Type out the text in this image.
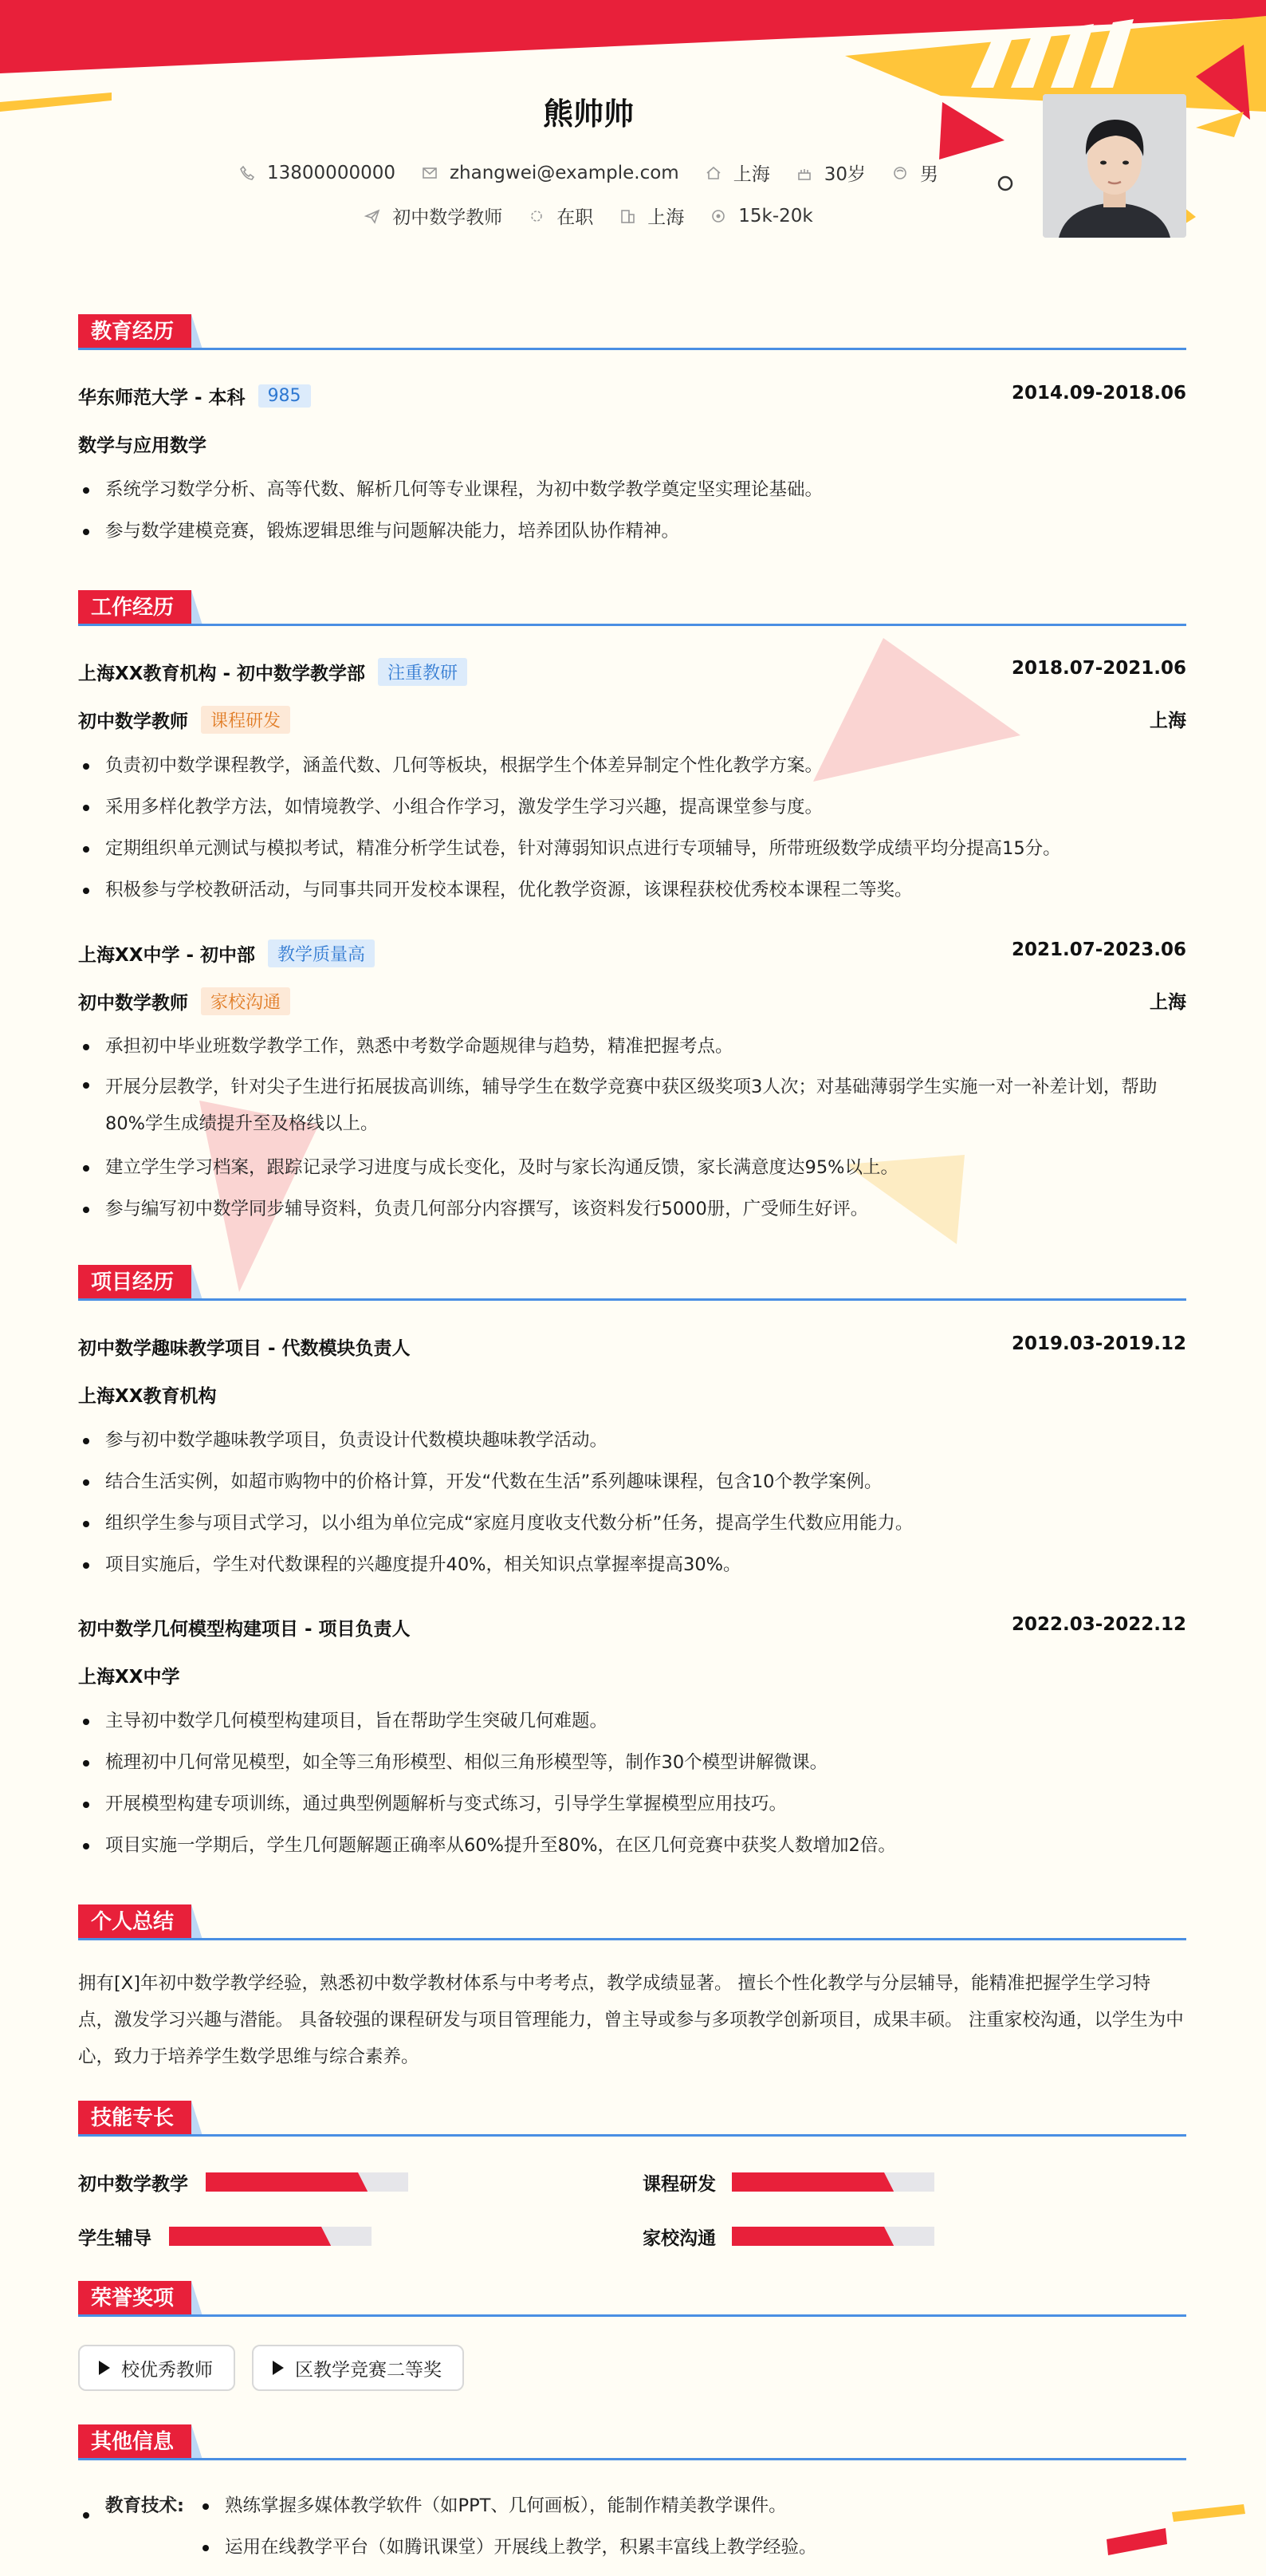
熊帅帅
13800000000	zhangwei@example.com	上海	30岁	男
初中数学教师	在职	上海	15k-20k
教育经历
华东师范大学 - 本科	985	2014.09-2018.06
数学与应用数学
系统学习数学分析、高等代数、解析几何等专业课程，为初中数学教学奠定坚实理论基础。
参与数学建模竞赛，锻炼逻辑思维与问题解决能力，培养团队协作精神。
工作经历
上海XX教育机构 - 初中数学教学部	注重教研	2018.07-2021.06
初中数学教师	课程研发	上海
负责初中数学课程教学，涵盖代数、几何等板块，根据学生个体差异制定个性化教学方案。
采用多样化教学方法，如情境教学、小组合作学习，激发学生学习兴趣，提高课堂参与度。
定期组织单元测试与模拟考试，精准分析学生试卷，针对薄弱知识点进行专项辅导，所带班级数学成绩平均分提高15分。
积极参与学校教研活动，与同事共同开发校本课程，优化教学资源，该课程获校优秀校本课程二等奖。
上海XX中学 - 初中部	教学质量高	2021.07-2023.06
初中数学教师	家校沟通	上海
承担初中毕业班数学教学工作，熟悉中考数学命题规律与趋势，精准把握考点。
开展分层教学，针对尖子生进行拓展拔高训练，辅导学生在数学竞赛中获区级奖项3人次；对基础薄弱学生实施一对一补差计划，帮助80%学生成绩提升至及格线以上。
建立学生学习档案，跟踪记录学习进度与成长变化，及时与家长沟通反馈，家长满意度达95%以上。
参与编写初中数学同步辅导资料，负责几何部分内容撰写，该资料发行5000册，广受师生好评。
项目经历
初中数学趣味教学项目 - 代数模块负责人	2019.03-2019.12
上海XX教育机构
参与初中数学趣味教学项目，负责设计代数模块趣味教学活动。
结合生活实例，如超市购物中的价格计算，开发“代数在生活”系列趣味课程，包含10个教学案例。
组织学生参与项目式学习，以小组为单位完成“家庭月度收支代数分析”任务，提高学生代数应用能力。
项目实施后，学生对代数课程的兴趣度提升40%，相关知识点掌握率提高30%。
初中数学几何模型构建项目 - 项目负责人	2022.03-2022.12
上海XX中学
主导初中数学几何模型构建项目，旨在帮助学生突破几何难题。
梳理初中几何常见模型，如全等三角形模型、相似三角形模型等，制作30个模型讲解微课。
开展模型构建专项训练，通过典型例题解析与变式练习，引导学生掌握模型应用技巧。
项目实施一学期后，学生几何题解题正确率从60%提升至80%，在区几何竞赛中获奖人数增加2倍。
个人总结
拥有[X]年初中数学教学经验，熟悉初中数学教材体系与中考考点，教学成绩显著。 擅长个性化教学与分层辅导，能精准把握学生学习特点，激发学习兴趣与潜能。 具备较强的课程研发与项目管理能力，曾主导或参与多项教学创新项目，成果丰硕。 注重家校沟通，以学生为中心，致力于培养学生数学思维与综合素养。
技能专长
初中数学教学	课程研发
学生辅导	家校沟通
荣誉奖项
校优秀教师	区教学竞赛二等奖
其他信息
教育技术:	熟练掌握多媒体教学软件（如PPT、几何画板），能制作精美教学课件。
运用在线教学平台（如腾讯课堂）开展线上教学，积累丰富线上教学经验。
